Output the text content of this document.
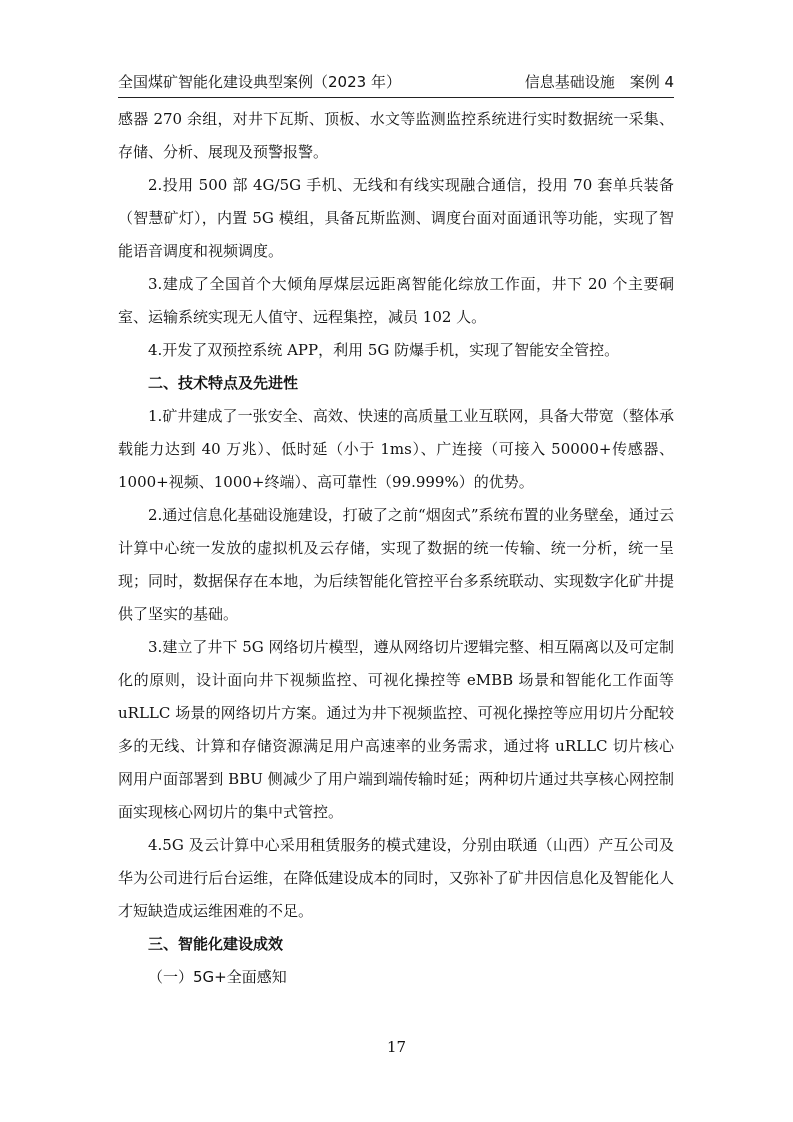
全国煤矿智能化建设典型案例（2023 年）	信息基础设施　案例 4

感器 270 余组，对井下瓦斯、顶板、水文等监测监控系统进行实时数据统一采集、存储、分析、展现及预警报警。

2.投用 500 部 4G/5G 手机、无线和有线实现融合通信，投用 70 套单兵装备（智慧矿灯），内置 5G 模组，具备瓦斯监测、调度台面对面通讯等功能，实现了智能语音调度和视频调度。

3.建成了全国首个大倾角厚煤层远距离智能化综放工作面，井下 20 个主要硐室、运输系统实现无人值守、远程集控，减员 102 人。

4.开发了双预控系统 APP，利用 5G 防爆手机，实现了智能安全管控。

二、技术特点及先进性

1.矿井建成了一张安全、高效、快速的高质量工业互联网，具备大带宽（整体承载能力达到 40 万兆）、低时延（小于 1ms）、广连接（可接入 50000+传感器、1000+视频、1000+终端）、高可靠性（99.999%）的优势。

2.通过信息化基础设施建设，打破了之前“烟囱式”系统布置的业务壁垒，通过云计算中心统一发放的虚拟机及云存储，实现了数据的统一传输、统一分析，统一呈现；同时，数据保存在本地，为后续智能化管控平台多系统联动、实现数字化矿井提供了坚实的基础。

3.建立了井下 5G 网络切片模型，遵从网络切片逻辑完整、相互隔离以及可定制化的原则，设计面向井下视频监控、可视化操控等 eMBB 场景和智能化工作面等 uRLLC 场景的网络切片方案。通过为井下视频监控、可视化操控等应用切片分配较多的无线、计算和存储资源满足用户高速率的业务需求，通过将 uRLLC 切片核心网用户面部署到 BBU 侧减少了用户端到端传输时延；两种切片通过共享核心网控制面实现核心网切片的集中式管控。

4.5G 及云计算中心采用租赁服务的模式建设，分别由联通（山西）产互公司及华为公司进行后台运维，在降低建设成本的同时，又弥补了矿井因信息化及智能化人才短缺造成运维困难的不足。

三、智能化建设成效

（一）5G+全面感知

17
